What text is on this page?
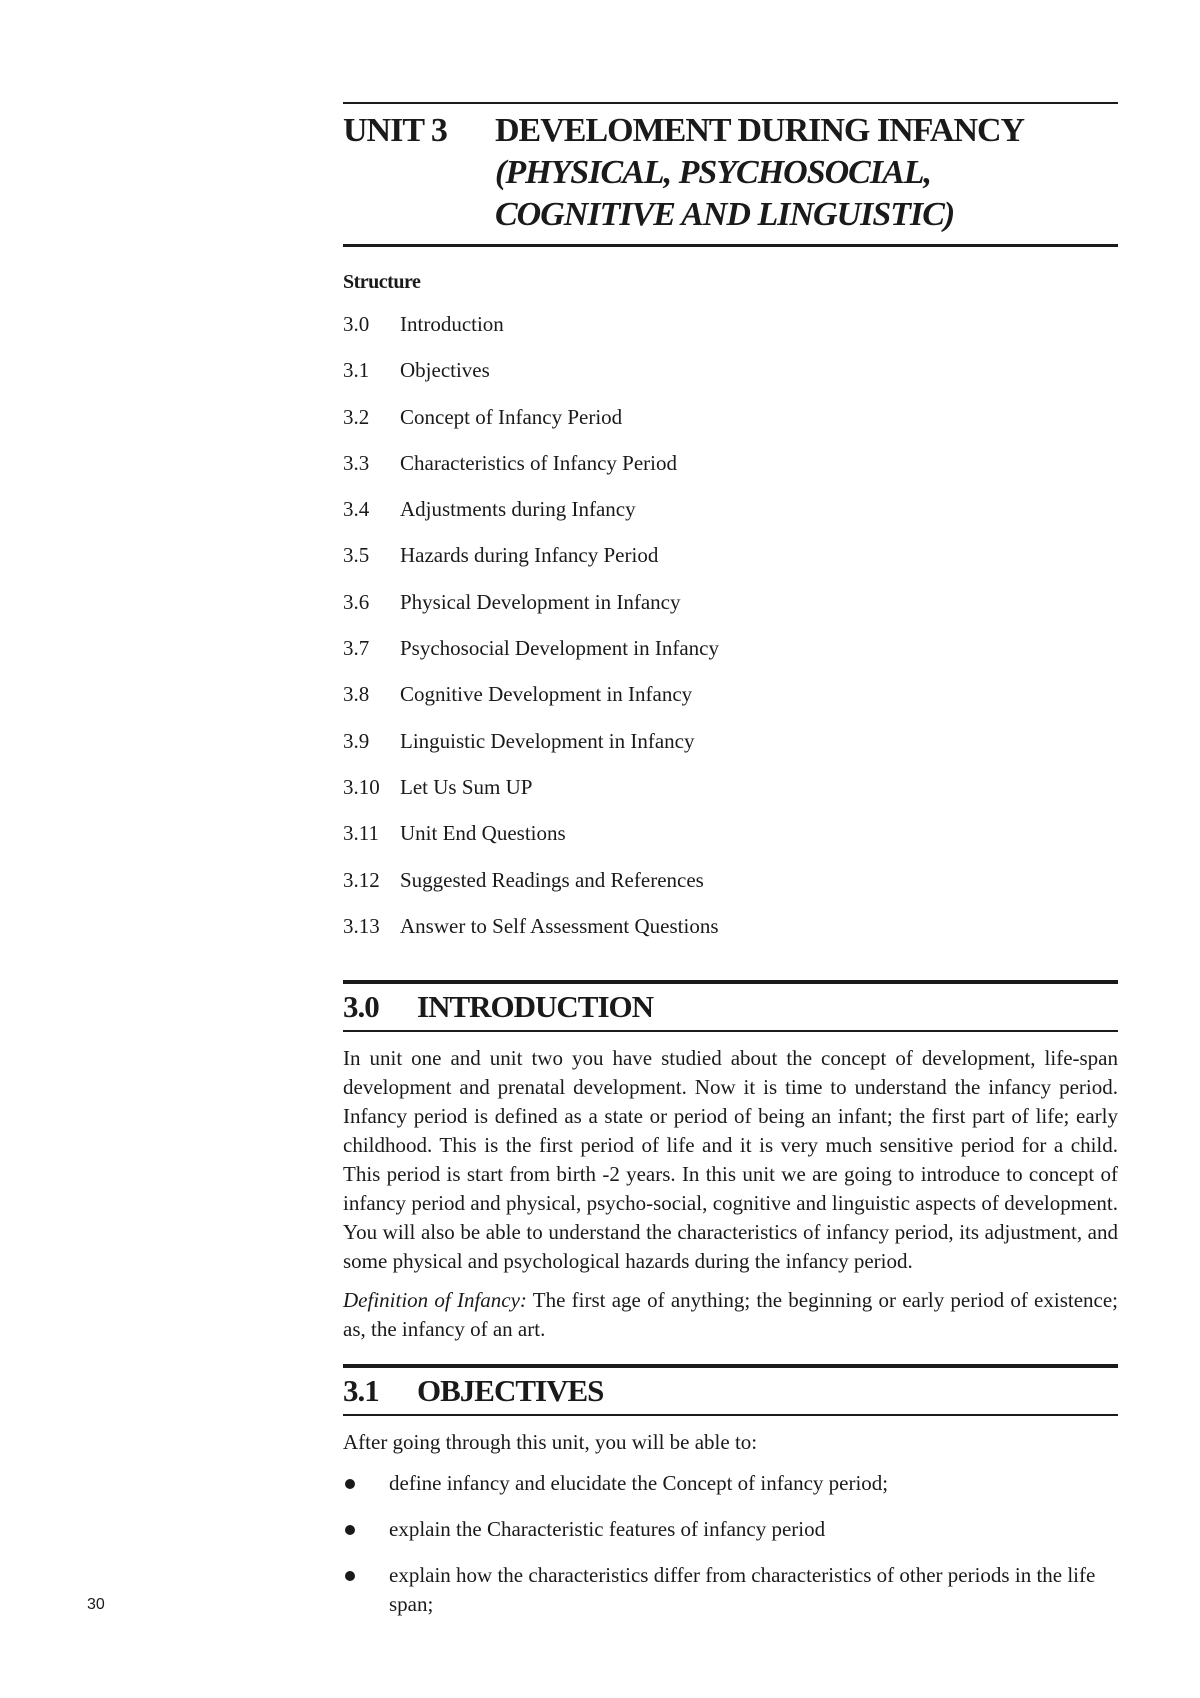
UNIT 3	DEVELOMENT DURING INFANCY
(PHYSICAL, PSYCHOSOCIAL,
COGNITIVE AND LINGUISTIC)
Structure
3.0	Introduction
3.1	Objectives
3.2	Concept of Infancy Period
3.3	Characteristics of Infancy Period
3.4	Adjustments during Infancy
3.5	Hazards during Infancy Period
3.6	Physical Development in Infancy
3.7	Psychosocial Development in Infancy
3.8	Cognitive Development in Infancy
3.9	Linguistic Development in Infancy
3.10 Let Us Sum UP
3.11	Unit End Questions
3.12 Suggested Readings and References
3.13 Answer to Self Assessment Questions
3.0	INTRODUCTION

In unit one and unit two you have studied about the concept of development, life-span development and prenatal development. Now it is time to understand the infancy period. Infancy period is defined as a state or period of being an infant; the first part of life; early childhood. This is the first period of life and it is very much sensitive period for a child. This period is start from birth -2 years. In this unit we are going to introduce to concept of infancy period and physical, psycho-social, cognitive and linguistic aspects of development. You will also be able to understand the characteristics of infancy period, its adjustment, and some physical and psychological hazards during the infancy period.

Definition of Infancy: The first age of anything; the beginning or early period of existence; as, the infancy of an art.

3.1	OBJECTIVES

After going through this unit, you will be able to:

define infancy and elucidate the Concept of infancy period;
explain the Characteristic features of infancy period
explain how the characteristics differ from characteristics of other periods in the life span;
30
